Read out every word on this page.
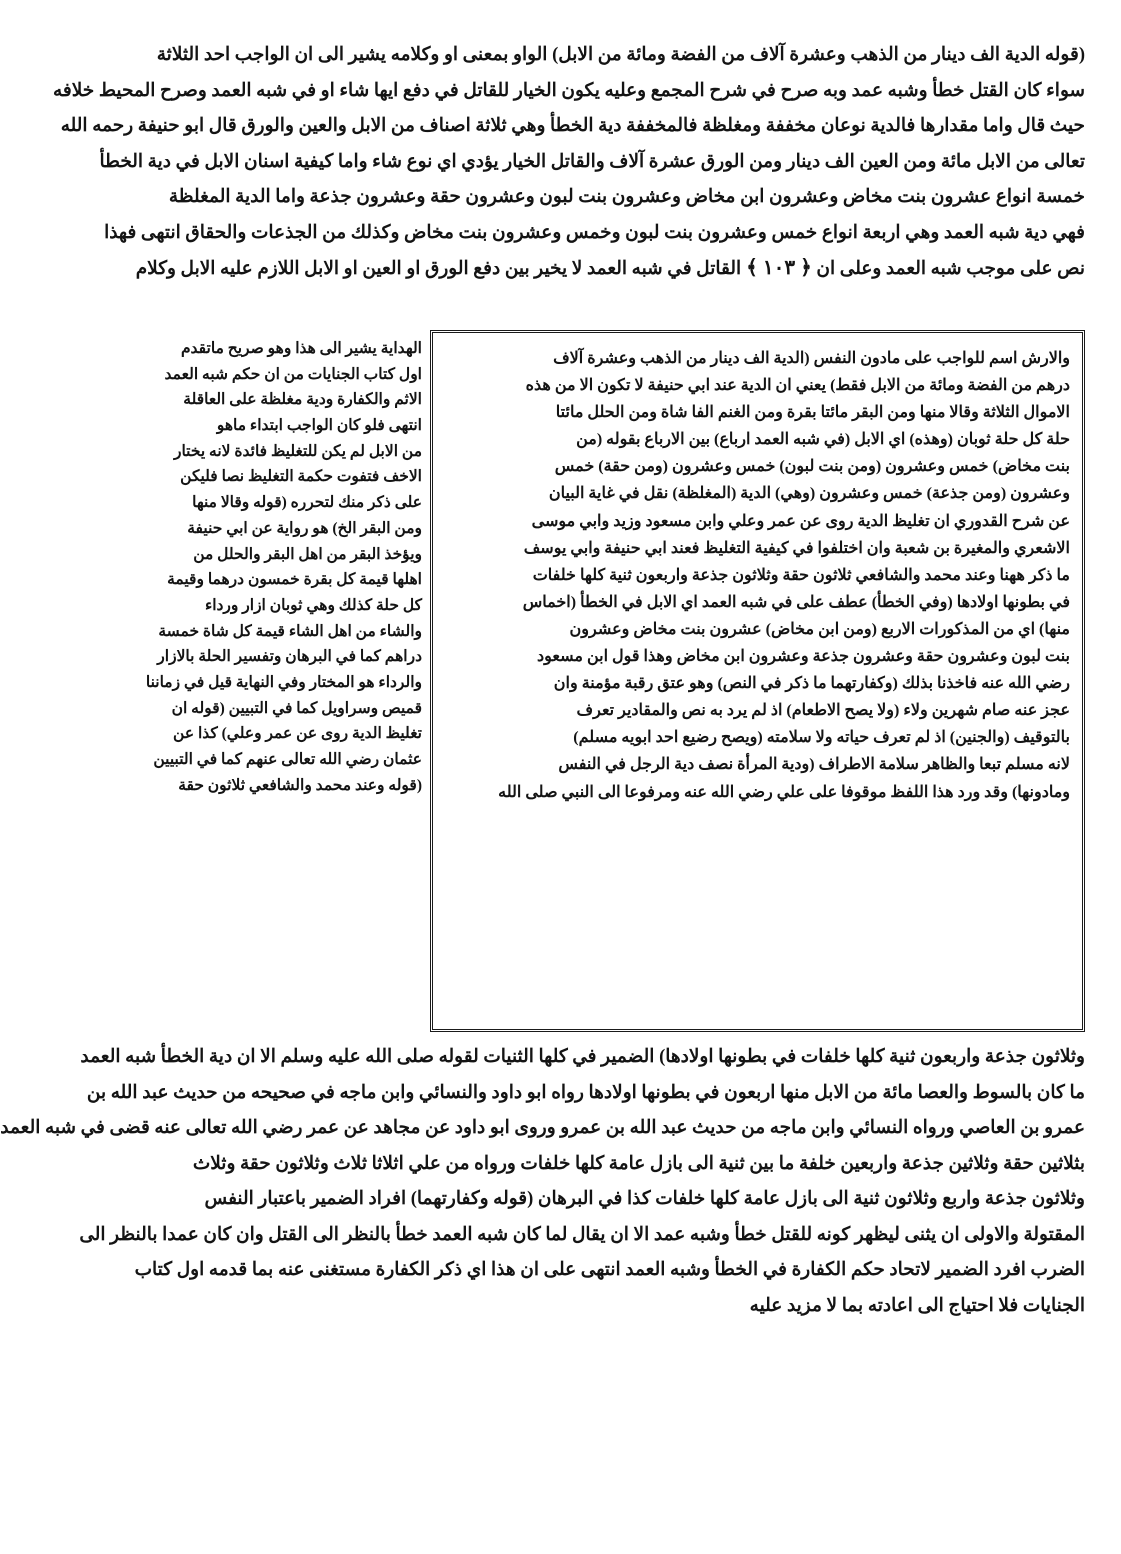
(قوله الدية الف دينار من الذهب وعشرة آلاف من الفضة ومائة من الابل) الواو بمعنى او وكلامه يشير الى ان الواجب احد الثلاثة
سواء كان القتل خطأ وشبه عمد وبه صرح في شرح المجمع وعليه يكون الخيار للقاتل في دفع ايها شاء او في شبه العمد وصرح المحيط خلافه
حيث قال واما مقدارها فالدية نوعان مخففة ومغلظة فالمخففة دية الخطأ وهي ثلاثة اصناف من الابل والعين والورق قال ابو حنيفة رحمه الله
تعالى من الابل مائة ومن العين الف دينار ومن الورق عشرة آلاف والقاتل الخيار يؤدي اي نوع شاء واما كيفية اسنان الابل في دية الخطأ
خمسة انواع عشرون بنت مخاض وعشرون ابن مخاض وعشرون بنت لبون وعشرون حقة وعشرون جذعة واما الدية المغلظة
فهي دية شبه العمد وهي اربعة انواع خمس وعشرون بنت لبون وخمس وعشرون بنت مخاض وكذلك من الجذعات والحقاق انتهى فهذا
نص على موجب شبه العمد وعلى ان ﴿ ١٠٣ ﴾ القاتل في شبه العمد لا يخير بين دفع الورق او العين او الابل اللازم عليه الابل وكلام
والارش اسم للواجب على مادون النفس (الدية الف دينار من الذهب وعشرة آلاف
درهم من الفضة ومائة من الابل فقط) يعني ان الدية عند ابي حنيفة لا تكون الا من هذه
الاموال الثلاثة وقالا منها ومن البقر مائتا بقرة ومن الغنم الفا شاة ومن الحلل مائتا
حلة كل حلة ثوبان (وهذه) اي الابل (في شبه العمد ارباع) بين الارباع بقوله (من
بنت مخاض) خمس وعشرون (ومن بنت لبون) خمس وعشرون (ومن حقة) خمس
وعشرون (ومن جذعة) خمس وعشرون (وهي) الدية (المغلظة) نقل في غاية البيان
عن شرح القدوري ان تغليظ الدية روى عن عمر وعلي وابن مسعود وزيد وابي موسى
الاشعري والمغيرة بن شعبة وان اختلفوا في كيفية التغليظ فعند ابي حنيفة وابي يوسف
ما ذكر ههنا وعند محمد والشافعي ثلاثون حقة وثلاثون جذعة واربعون ثنية كلها خلفات
في بطونها اولادها (وفي الخطأ) عطف على في شبه العمد اي الابل في الخطأ (اخماس
منها) اي من المذكورات الاربع (ومن ابن مخاض) عشرون بنت مخاض وعشرون
بنت لبون وعشرون حقة وعشرون جذعة وعشرون ابن مخاض وهذا قول ابن مسعود
رضي الله عنه فاخذنا بذلك (وكفارتهما ما ذكر في النص) وهو عتق رقبة مؤمنة وان
عجز عنه صام شهرين ولاء (ولا يصح الاطعام) اذ لم يرد به نص والمقادير تعرف
بالتوقيف (والجنين) اذ لم تعرف حياته ولا سلامته (ويصح رضيع احد ابويه مسلم)
لانه مسلم تبعا والظاهر سلامة الاطراف (ودية المرأة نصف دية الرجل في النفس
ومادونها) وقد ورد هذا اللفظ موقوفا على علي رضي الله عنه ومرفوعا الى النبي صلى الله
الهداية يشير الى هذا وهو صريح ماتقدم
اول كتاب الجنايات من ان حكم شبه العمد
الاثم والكفارة ودية مغلظة على العاقلة
انتهى فلو كان الواجب ابتداء ماهو
من الابل لم يكن للتغليظ فائدة لانه يختار
الاخف فتفوت حكمة التغليظ نصا فليكن
على ذكر منك لتحرره (قوله وقالا منها
ومن البقر الخ) هو رواية عن ابي حنيفة
ويؤخذ البقر من اهل البقر والحلل من
اهلها قيمة كل بقرة خمسون درهما وقيمة
كل حلة كذلك وهي ثوبان ازار ورداء
والشاء من اهل الشاء قيمة كل شاة خمسة
دراهم كما في البرهان وتفسير الحلة بالازار
والرداء هو المختار وفي النهاية قيل في زماننا
قميص وسراويل كما في التبيين (قوله ان
تغليظ الدية روى عن عمر وعلي) كذا عن
عثمان رضي الله تعالى عنهم كما في التبيين
(قوله وعند محمد والشافعي ثلاثون حقة
وثلاثون جذعة واربعون ثنية كلها خلفات في بطونها اولادها) الضمير في كلها الثنيات لقوله صلى الله عليه وسلم الا ان دية الخطأ شبه العمد
ما كان بالسوط والعصا مائة من الابل منها اربعون في بطونها اولادها رواه ابو داود والنسائي وابن ماجه في صحيحه من حديث عبد الله بن
عمرو بن العاصي ورواه النسائي وابن ماجه من حديث عبد الله بن عمرو وروى ابو داود عن مجاهد عن عمر رضي الله تعالى عنه قضى في شبه العمد
بثلاثين حقة وثلاثين جذعة واربعين خلفة ما بين ثنية الى بازل عامة كلها خلفات ورواه من علي اثلاثا ثلاث وثلاثون حقة وثلاث
وثلاثون جذعة واربع وثلاثون ثنية الى بازل عامة كلها خلفات كذا في البرهان (قوله وكفارتهما) افراد الضمير باعتبار النفس
المقتولة والاولى ان يثنى ليظهر كونه للقتل خطأ وشبه عمد الا ان يقال لما كان شبه العمد خطأ بالنظر الى القتل وان كان عمدا بالنظر الى
الضرب افرد الضمير لاتحاد حكم الكفارة في الخطأ وشبه العمد انتهى على ان هذا اي ذكر الكفارة مستغنى عنه بما قدمه اول كتاب
الجنايات فلا احتياج الى اعادته بما لا مزيد عليه
